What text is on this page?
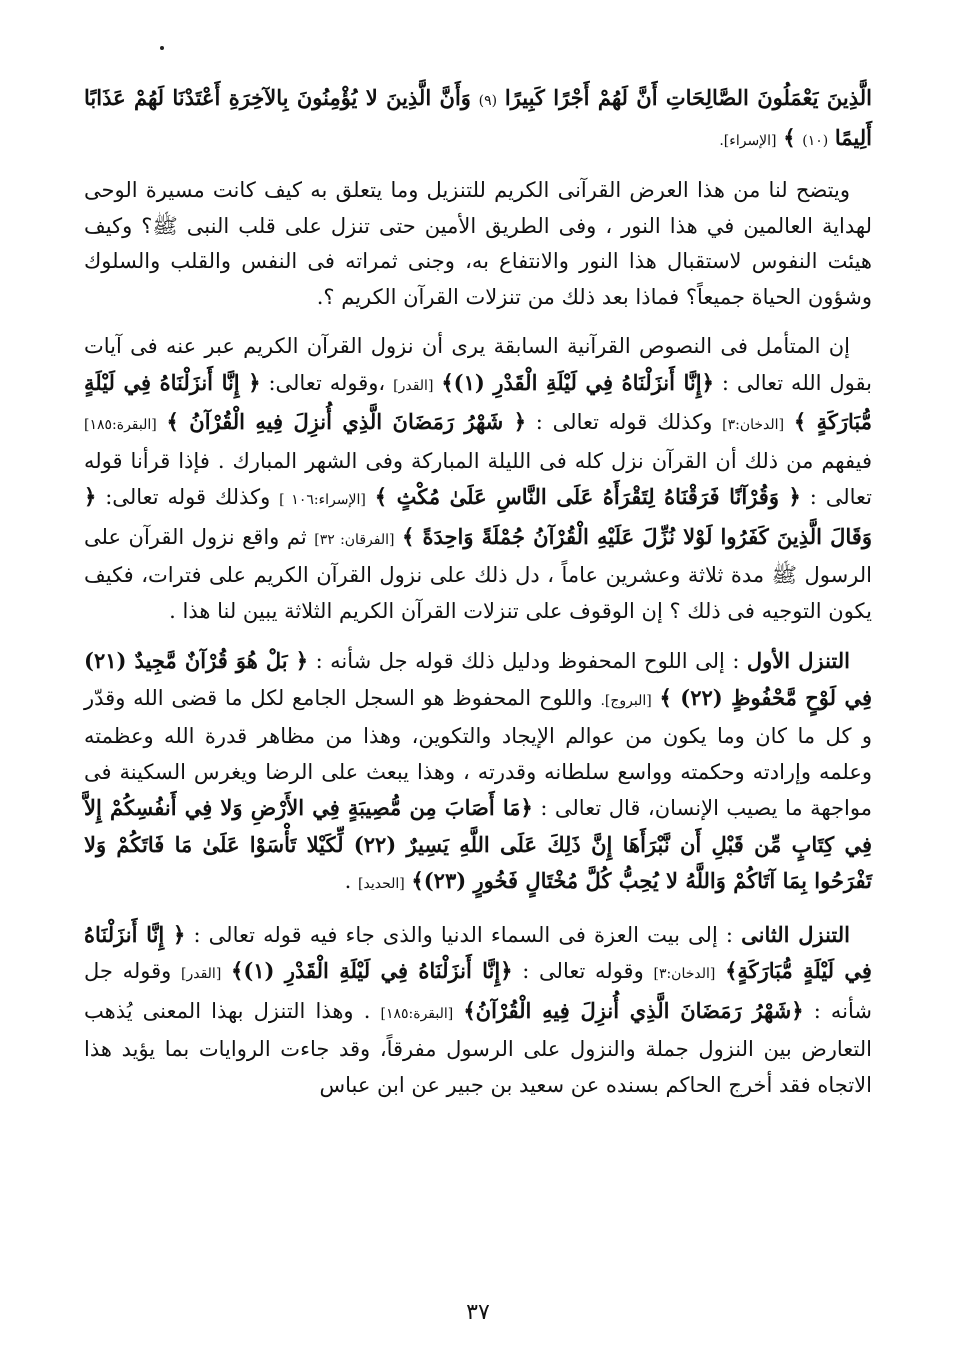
الَّذِينَ يَعْمَلُونَ الصَّالِحَاتِ أَنَّ لَهُمْ أَجْرًا كَبِيرًا (٩) وَأَنَّ الَّذِينَ لا يُؤْمِنُونَ بِالآخِرَةِ أَعْتَدْنَا لَهُمْ عَذَابًا أَلِيمًا (١٠) ﴾ [الإسراء].

ويتضح لنا من هذا العرض القرآنى الكريم للتنزيل وما يتعلق به كيف كانت مسيرة الوحى لهداية العالمين في هذا النور ، وفى الطريق الأمين حتى تنزل على قلب النبى ﷺ؟ وكيف هيئت النفوس لاستقبال هذا النور والانتفاع به، وجنى ثمراته فى النفس والقلب والسلوك وشؤون الحياة جميعاً؟ فماذا بعد ذلك من تنزلات القرآن الكريم ؟.

إن المتأمل فى النصوص القرآنية السابقة يرى أن نزول القرآن الكريم عبر عنه فى آيات بقول الله تعالى : ﴿إِنَّا أَنزَلْنَاهُ فِي لَيْلَةِ الْقَدْرِ (١)﴾ [القدر] ،وقوله تعالى: ﴿ إِنَّا أَنزَلْنَاهُ فِي لَيْلَةٍ مُّبَارَكَةٍ ﴾ [الدخان:٣] وكذلك قوله تعالى : ﴿ شَهْرُ رَمَضَانَ الَّذِي أُنزِلَ فِيهِ الْقُرْآنُ ﴾ [البقرة:١٨٥] فيفهم من ذلك أن القرآن نزل كله فى الليلة المباركة وفى الشهر المبارك . فإذا قرأنا قوله تعالى : ﴿ وَقُرْآنًا فَرَقْنَاهُ لِتَقْرَأَهُ عَلَى النَّاسِ عَلَىٰ مُكْثٍ ﴾ [الإسراء:١٠٦ ] وكذلك قوله تعالى: ﴿ وَقَالَ الَّذِينَ كَفَرُوا لَوْلا نُزِّلَ عَلَيْهِ الْقُرْآنُ جُمْلَةً وَاحِدَةً ﴾ [الفرقان: ٣٢] ثم واقع نزول القرآن على الرسول ﷺ مدة ثلاثة وعشرين عاماً ، دل ذلك على نزول القرآن الكريم على فترات، فكيف يكون التوجيه فى ذلك ؟ إن الوقوف على تنزلات القرآن الكريم الثلاثة يبين لنا هذا .

التنزل الأول : إلى اللوح المحفوظ ودليل ذلك قوله جل شأنه : ﴿ بَلْ هُوَ قُرْآنٌ مَّجِيدٌ (٢١) فِي لَوْحٍ مَّحْفُوظٍ (٢٢) ﴾ [البروج]. واللوح المحفوظ هو السجل الجامع لكل ما قضى الله وقدّر و كل ما كان وما يكون من عوالم الإيجاد والتكوين، وهذا من مظاهر قدرة الله وعظمته وعلمه وإرادته وحكمته وواسع سلطانه وقدرته ، وهذا يبعث على الرضا ويغرس السكينة فى مواجهة ما يصيب الإنسان، قال تعالى : ﴿مَا أَصَابَ مِن مُّصِيبَةٍ فِي الأَرْضِ وَلا فِي أَنفُسِكُمْ إِلاَّ فِي كِتَابٍ مِّن قَبْلِ أَن نَّبْرَأَهَا إِنَّ ذَلِكَ عَلَى اللَّهِ يَسِيرٌ (٢٢) لِّكَيْلا تَأْسَوْا عَلَىٰ مَا فَاتَكُمْ وَلا تَفْرَحُوا بِمَا آتَاكُمْ وَاللَّهُ لا يُحِبُّ كُلَّ مُخْتَالٍ فَخُورٍ (٢٣)﴾ [الحديد] .

التنزل الثانى : إلى بيت العزة فى السماء الدنيا والذى جاء فيه قوله تعالى : ﴿ إِنَّا أَنزَلْنَاهُ فِي لَيْلَةٍ مُّبَارَكَةٍ﴾ [الدخان:٣] وقوله تعالى : ﴿إِنَّا أَنزَلْنَاهُ فِي لَيْلَةِ الْقَدْرِ (١)﴾ [القدر] وقوله جل شأنه : ﴿شَهْرُ رَمَضَانَ الَّذِي أُنزِلَ فِيهِ الْقُرْآنُ﴾ [البقرة:١٨٥] . وهذا التنزل بهذا المعنى يُذهب التعارض بين النزول جملة والنزول على الرسول مفرقاً، وقد جاءت الروايات بما يؤيد هذا الاتجاه فقد أخرج الحاكم بسنده عن سعيد بن جبير عن ابن عباس

٣٧
